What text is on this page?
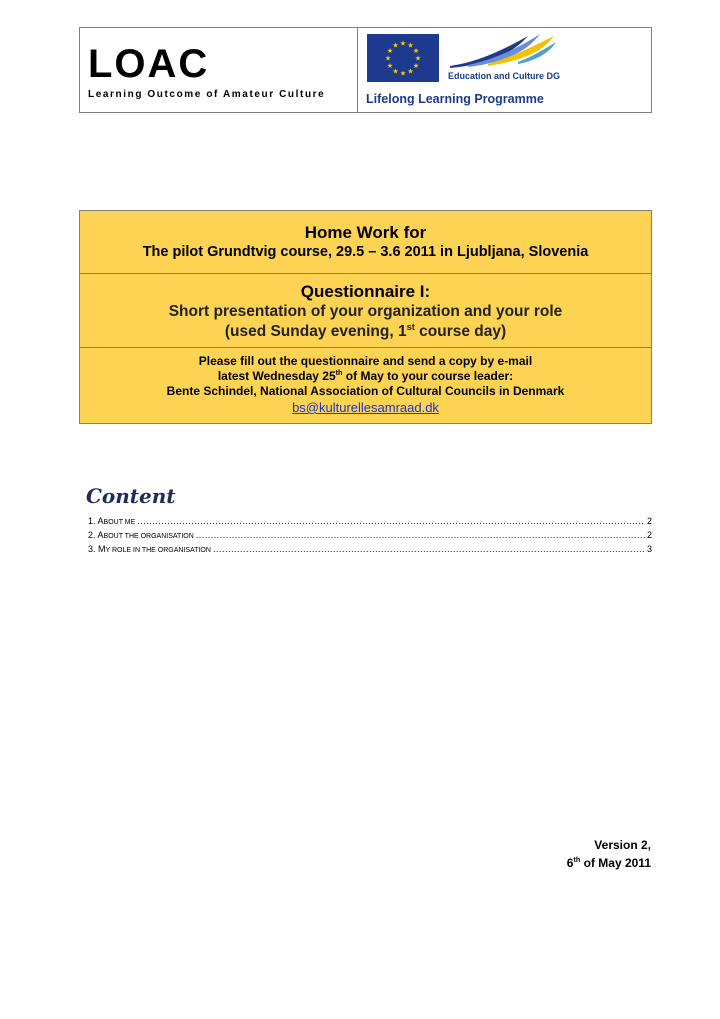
LOAC
Learning Outcome of Amateur Culture
★ ★
★
★
★
★
★
★
★
★
★
★
Education and Culture DG
Lifelong Learning Programme
Home Work for
The pilot Grundtvig course, 29.5 – 3.6 2011 in Ljubljana, Slovenia
Questionnaire I:
Short presentation of your organization and your role
(used Sunday evening, 1st course day)
Please fill out the questionnaire and send a copy by e-mail
latest Wednesday 25th of May to your course leader:
Bente Schindel, National Association of Cultural Councils in Denmark
bs@kulturellesamraad.dk
Content
1. ABOUT ME .....	2
2. ABOUT THE ORGANISATION .....	2
3. MY ROLE IN THE ORGANISATION .....	3
Version 2,
6th of May 2011
